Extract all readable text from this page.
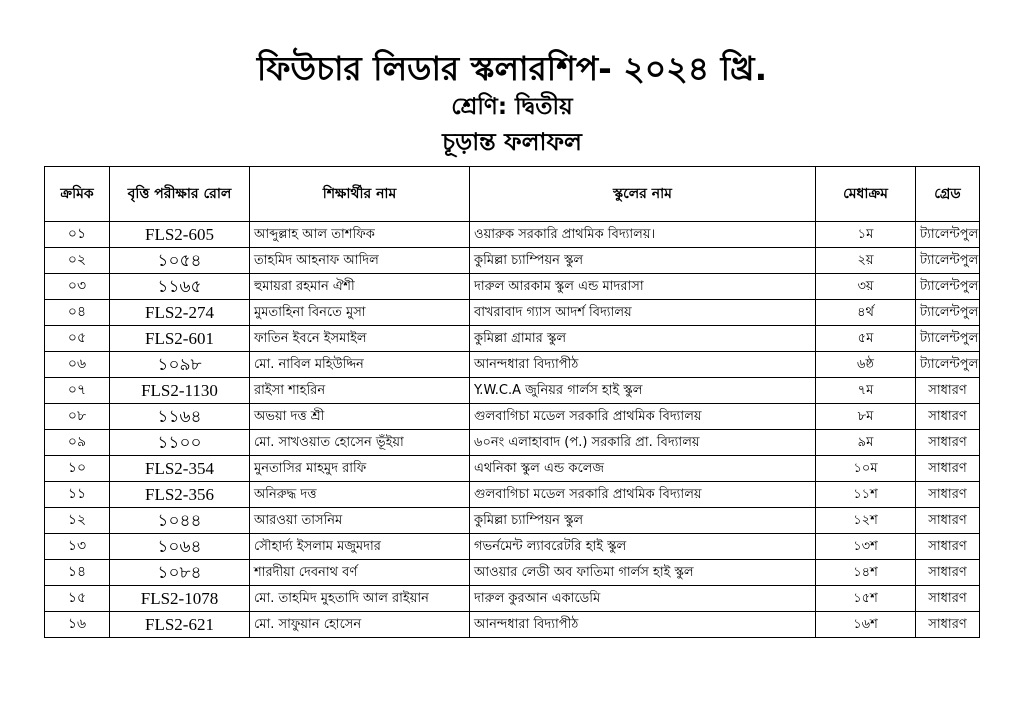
ফিউচার লিডার স্কলারশিপ- ২০২৪ খ্রি.
শ্রেণি: দ্বিতীয়
চূড়ান্ত ফলাফল
ক্রমিক	বৃত্তি পরীক্ষার রোল	শিক্ষার্থীর নাম	স্কুলের নাম	মেধাক্রম	গ্রেড
০১	FLS2-605	আব্দুল্লাহ আল তাশফিক	ওয়ারুক সরকারি প্রাথমিক বিদ্যালয়।	১ম	ট্যালেন্টপুল
০২	১০৫৪	তাহমিদ আহনাফ আদিল	কুমিল্লা চ্যাম্পিয়ন স্কুল	২য়	ট্যালেন্টপুল
০৩	১১৬৫	হুমায়রা রহমান ঐশী	দারুল আরকাম স্কুল এন্ড মাদরাসা	৩য়	ট্যালেন্টপুল
০৪	FLS2-274	মুমতাহিনা বিনতে মুসা	বাখরাবাদ গ্যাস আদর্শ বিদ্যালয়	৪র্থ	ট্যালেন্টপুল
০৫	FLS2-601	ফাতিন ইবনে ইসমাইল	কুমিল্লা গ্রামার স্কুল	৫ম	ট্যালেন্টপুল
০৬	১০৯৮	মো. নাবিল মহিউদ্দিন	আনন্দধারা বিদ্যাপীঠ	৬ষ্ঠ	ট্যালেন্টপুল
০৭	FLS2-1130	রাইসা শাহরিন	Y.W.C.A জুনিয়র গার্লস হাই স্কুল	৭ম	সাধারণ
০৮	১১৬৪	অভয়া দত্ত শ্রী	গুলবাগিচা মডেল সরকারি প্রাথমিক বিদ্যালয়	৮ম	সাধারণ
০৯	১১০০	মো. সাখওয়াত হোসেন ভূঁইয়া	৬০নং এলাহাবাদ (প.) সরকারি প্রা. বিদ্যালয়	৯ম	সাধারণ
১০	FLS2-354	মুনতাসির মাহমুদ রাফি	এথনিকা স্কুল এন্ড কলেজ	১০ম	সাধারণ
১১	FLS2-356	অনিরুদ্ধ দত্ত	গুলবাগিচা মডেল সরকারি প্রাথমিক বিদ্যালয়	১১শ	সাধারণ
১২	১০৪৪	আরওয়া তাসনিম	কুমিল্লা চ্যাম্পিয়ন স্কুল	১২শ	সাধারণ
১৩	১০৬৪	সৌহার্দ্য ইসলাম মজুমদার	গভর্নমেন্ট ল্যাবরেটরি হাই স্কুল	১৩শ	সাধারণ
১৪	১০৮৪	শারদীয়া দেবনাথ বর্ণ	আওয়ার লেডী অব ফাতিমা গার্লস হাই স্কুল	১৪শ	সাধারণ
১৫	FLS2-1078	মো. তাহমিদ মুহতাদি আল রাইয়ান	দারুল কুরআন একাডেমি	১৫শ	সাধারণ
১৬	FLS2-621	মো. সাফুয়ান হোসেন	আনন্দধারা বিদ্যাপীঠ	১৬শ	সাধারণ
